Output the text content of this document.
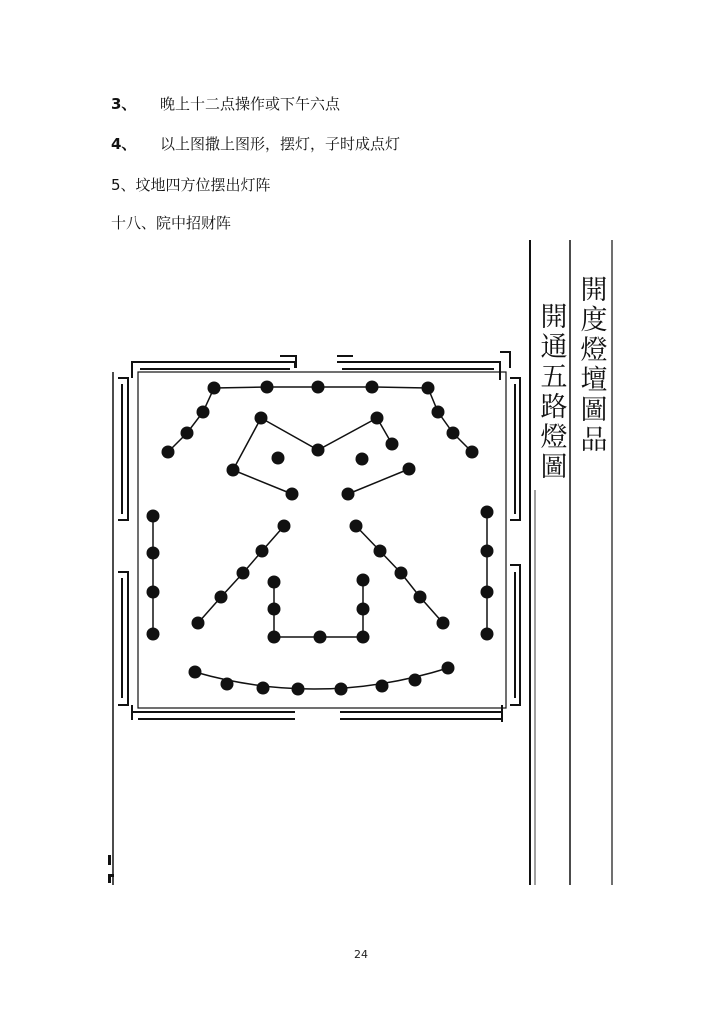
3、 晚上十二点操作或下午六点
4、 以上图撒上图形，摆灯，子时成点灯
5、坟地四方位摆出灯阵
十八、院中招财阵
開度燈壇圖品
開通五路燈圖
24
